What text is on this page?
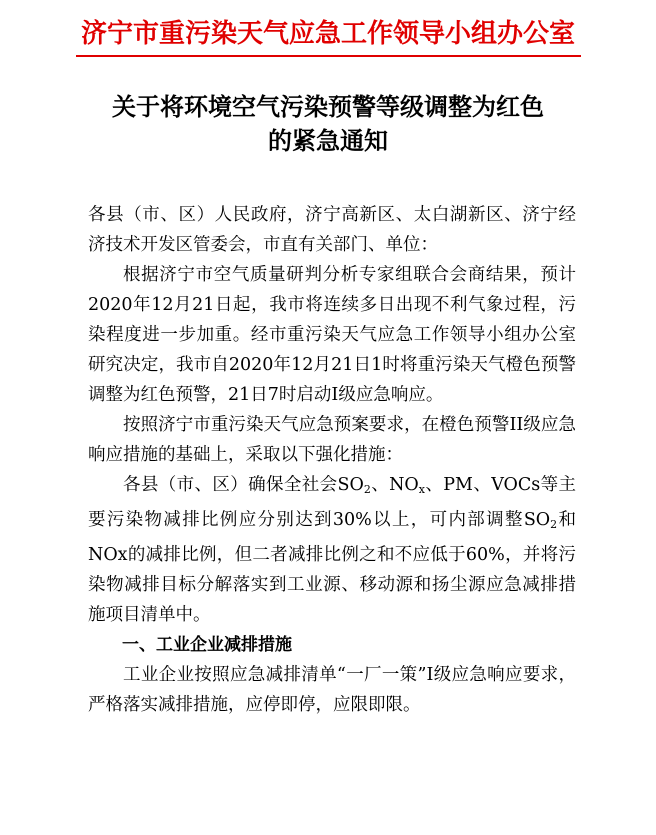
济宁市重污染天气应急工作领导小组办公室
关于将环境空气污染预警等级调整为红色
的紧急通知

各县（市、区）人民政府，济宁高新区、太白湖新区、济宁经济技术开发区管委会，市直有关部门、单位：

根据济宁市空气质量研判分析专家组联合会商结果，预计2020年12月21日起，我市将连续多日出现不利气象过程，污染程度进一步加重。经市重污染天气应急工作领导小组办公室研究决定，我市自2020年12月21日1时将重污染天气橙色预警调整为红色预警，21日7时启动I级应急响应。

按照济宁市重污染天气应急预案要求，在橙色预警II级应急响应措施的基础上，采取以下强化措施：

各县（市、区）确保全社会$SO_2$、$NO_x$、PM、VOCs等主要污染物减排比例应分别达到30%以上，可内部调整$SO_2$和NOx的减排比例，但二者减排比例之和不应低于60%，并将污染物减排目标分解落实到工业源、移动源和扬尘源应急减排措施项目清单中。

一、工业企业减排措施

工业企业按照应急减排清单“一厂一策”I级应急响应要求，严格落实减排措施，应停即停，应限即限。
